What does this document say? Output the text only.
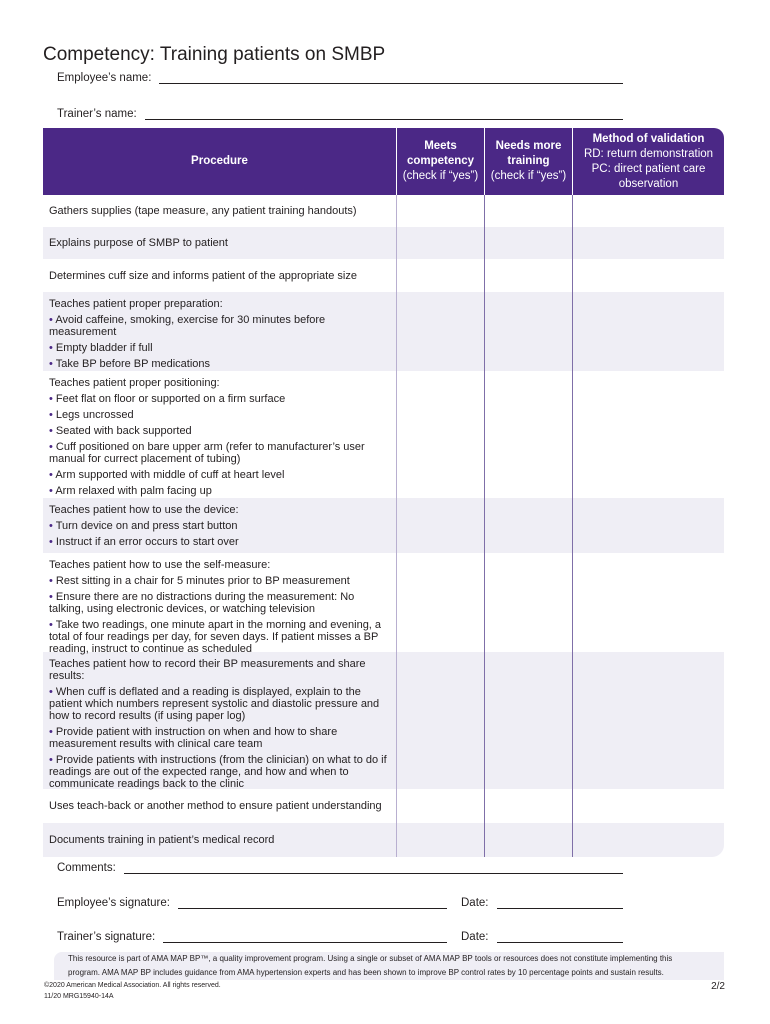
Competency: Training patients on SMBP
Employee’s name:
Trainer’s name:
Procedure
Meets
competency
(check if “yes”)
Needs more
training
(check if “yes”)
Method of validation
RD: return demonstration
PC: direct patient care
observation
Gathers supplies (tape measure, any patient training handouts)
Explains purpose of SMBP to patient
Determines cuff size and informs patient of the appropriate size
Teaches patient proper preparation:
• Avoid caffeine, smoking, exercise for 30 minutes before measurement
• Empty bladder if full
• Take BP before BP medications
Teaches patient proper positioning:
• Feet flat on floor or supported on a firm surface
• Legs uncrossed
• Seated with back supported
• Cuff positioned on bare upper arm (refer to manufacturer’s user manual for currect placement of tubing)
• Arm supported with middle of cuff at heart level
• Arm relaxed with palm facing up
Teaches patient how to use the device:
• Turn device on and press start button
• Instruct if an error occurs to start over
Teaches patient how to use the self-measure:
• Rest sitting in a chair for 5 minutes prior to BP measurement
• Ensure there are no distractions during the measurement: No talking, using electronic devices, or watching television
• Take two readings, one minute apart in the morning and evening, a total of four readings per day, for seven days. If patient misses a BP reading, instruct to continue as scheduled
Teaches patient how to record their BP measurements and share results:
• When cuff is deflated and a reading is displayed, explain to the patient which numbers represent systolic and diastolic pressure and how to record results (if using paper log)
• Provide patient with instruction on when and how to share measurement results with clinical care team
• Provide patients with instructions (from the clinician) on what to do if readings are out of the expected range, and how and when to communicate readings back to the clinic
Uses teach-back or another method to ensure patient understanding
Documents training in patient’s medical record
Comments:
Employee’s signature:	Date:
Trainer’s signature:	Date:
This resource is part of AMA MAP BP™, a quality improvement program. Using a single or subset of AMA MAP BP tools or resources does not constitute implementing this
program. AMA MAP BP includes guidance from AMA hypertension experts and has been shown to improve BP control rates by 10 percentage points and sustain results.
©2020 American Medical Association. All rights reserved.
11/20 MRG15940-14A
2/2
